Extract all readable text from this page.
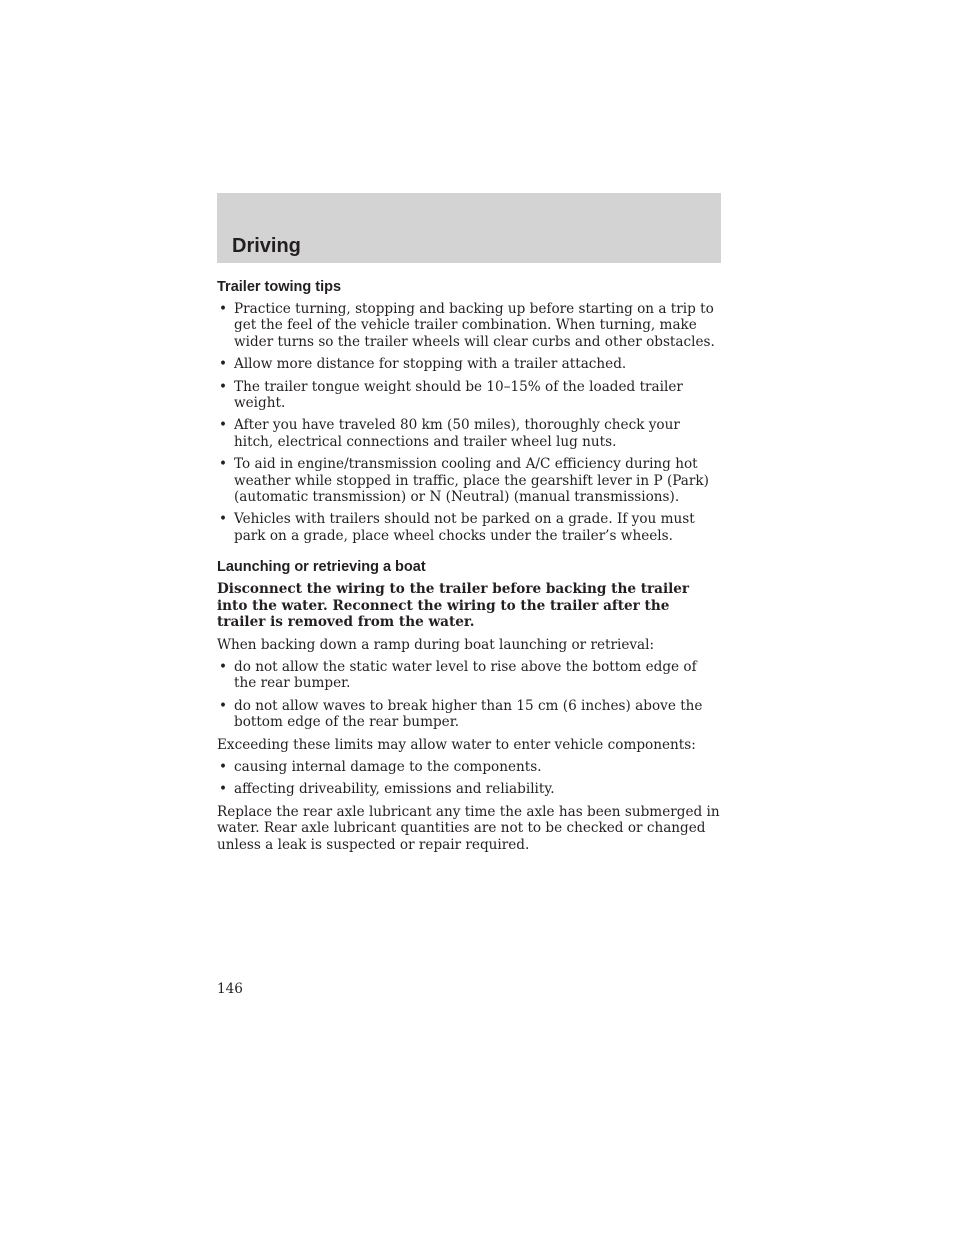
Driving
Trailer towing tips
• Practice turning, stopping and backing up before starting on a trip to get the feel of the vehicle trailer combination. When turning, make wider turns so the trailer wheels will clear curbs and other obstacles.
• Allow more distance for stopping with a trailer attached.
• The trailer tongue weight should be 10–15% of the loaded trailer weight.
• After you have traveled 80 km (50 miles), thoroughly check your hitch, electrical connections and trailer wheel lug nuts.
• To aid in engine/transmission cooling and A/C efficiency during hot weather while stopped in traffic, place the gearshift lever in P (Park) (automatic transmission) or N (Neutral) (manual transmissions).
• Vehicles with trailers should not be parked on a grade. If you must park on a grade, place wheel chocks under the trailer’s wheels.
Launching or retrieving a boat

Disconnect the wiring to the trailer before backing the trailer into the water. Reconnect the wiring to the trailer after the trailer is removed from the water.

When backing down a ramp during boat launching or retrieval:

• do not allow the static water level to rise above the bottom edge of the rear bumper.
• do not allow waves to break higher than 15 cm (6 inches) above the bottom edge of the rear bumper.

Exceeding these limits may allow water to enter vehicle components:

• causing internal damage to the components.
• affecting driveability, emissions and reliability.

Replace the rear axle lubricant any time the axle has been submerged in water. Rear axle lubricant quantities are not to be checked or changed unless a leak is suspected or repair required.

146
